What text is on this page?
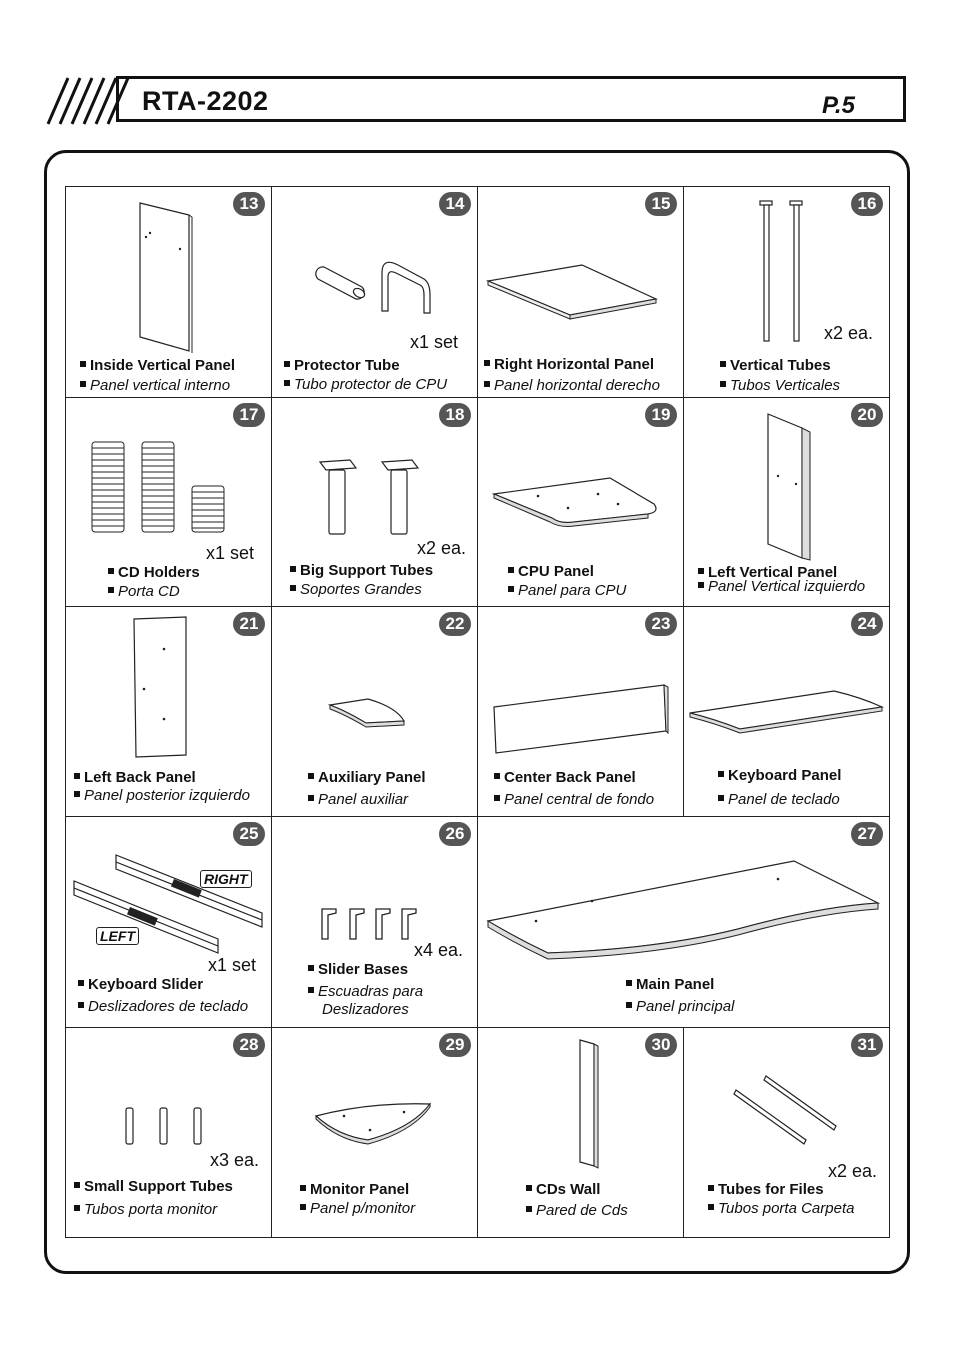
RTA-2202	P.5
13
Inside Vertical Panel
Panel vertical interno
14
x1 set
Protector Tube
Tubo protector de CPU
15
Right Horizontal Panel
Panel horizontal derecho
16
x2 ea.
Vertical Tubes
Tubos Verticales
17
x1 set
CD Holders
Porta CD
18
x2 ea.
Big Support Tubes
Soportes Grandes
19
CPU Panel
Panel para CPU
20
Left Vertical Panel
Panel Vertical izquierdo
21
Left Back Panel
Panel posterior izquierdo
22
Auxiliary Panel
Panel auxiliar
23
Center Back Panel
Panel central de fondo
24
Keyboard Panel
Panel de teclado
25
RIGHT
LEFT
x1 set
Keyboard Slider
Deslizadores de teclado
26
x4 ea.
Slider Bases
Escuadras para
Deslizadores
27
Main Panel
Panel principal
28
x3 ea.
Small Support Tubes
Tubos porta monitor
29
Monitor Panel
Panel p/monitor
30
CDs Wall
Pared de Cds
31
x2 ea.
Tubes for Files
Tubos porta Carpeta
